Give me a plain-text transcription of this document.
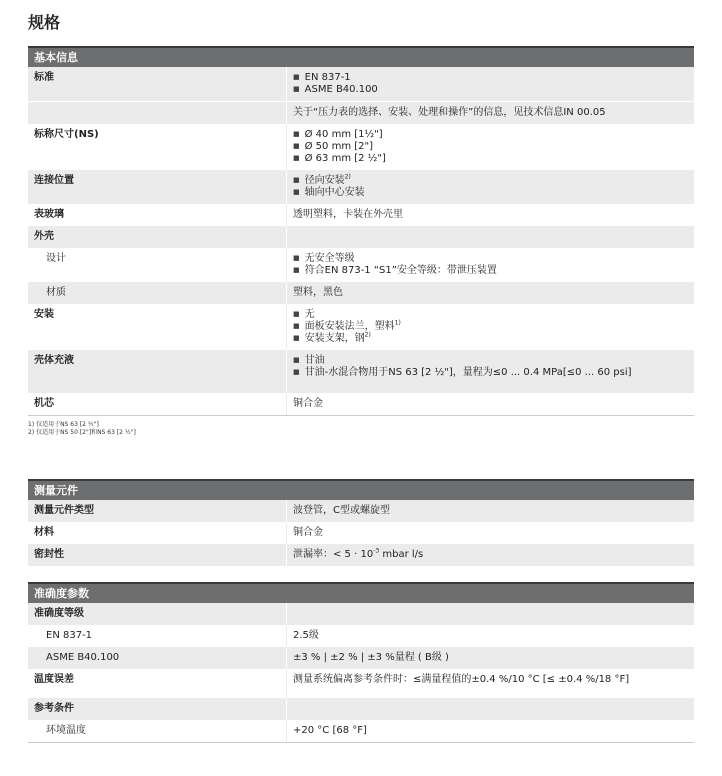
规格
基本信息
标准	■ EN 837-1
■ ASME B40.100
关于“压力表的选择、安装、处理和操作”的信息，见技术信息IN 00.05
标称尺寸(NS)	■ Ø 40 mm [1½"]
■ Ø 50 mm [2"]
■ Ø 63 mm [2 ½"]
连接位置	■ 径向安装$^{2)}$
■ 轴向中心安装
表玻璃	透明塑料，卡装在外壳里
外壳
设计	■ 无安全等级
■ 符合EN 873-1 “S1”安全等级：带泄压装置
材质	塑料，黑色
安装	■ 无
■ 面板安装法兰，塑料$^{1)}$
■ 安装支架，钢$^{2)}$
壳体充液	■ 甘油
■ 甘油-水混合物用于NS 63 [2 ½"]，量程为≤0 ... 0.4 MPa[≤0 ... 60 psi]
机芯	铜合金
1) 仅适用于NS 63 [2 ½"]
2) 仅适用于NS 50 [2"]和NS 63 [2 ½"]
测量元件
测量元件类型	波登管，C型或螺旋型
材料	铜合金
密封性	泄漏率：< $5 \cdot 10^{-3}$ mbar l/s
准确度参数
准确度等级
EN 837-1	2.5级
ASME B40.100	±3 % | ±2 % | ±3 %量程 ( B级 )
温度误差	测量系统偏离参考条件时：≤满量程值的±0.4 %/10 °C [≤ ±0.4 %/18 °F]
参考条件
环境温度	+20 °C [68 °F]
